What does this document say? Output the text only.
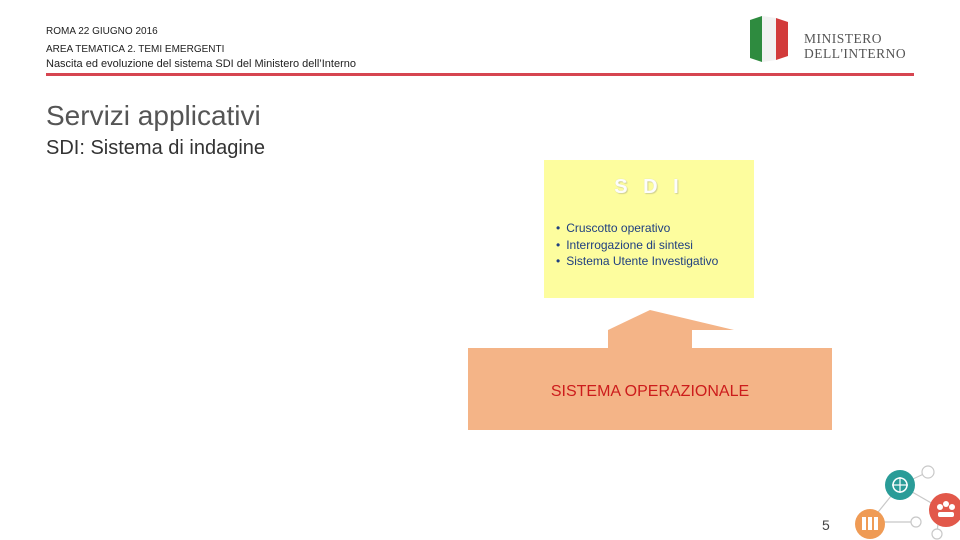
ROMA 22 GIUGNO 2016
AREA TEMATICA 2. TEMI EMERGENTI
Nascita ed evoluzione del sistema SDI del Ministero dell’Interno
MINISTERO
DELL'INTERNO
Servizi applicativi
SDI: Sistema di indagine
S D I
• Cruscotto operativo
• Interrogazione di sintesi
• Sistema Utente Investigativo
SISTEMA OPERAZIONALE
5
